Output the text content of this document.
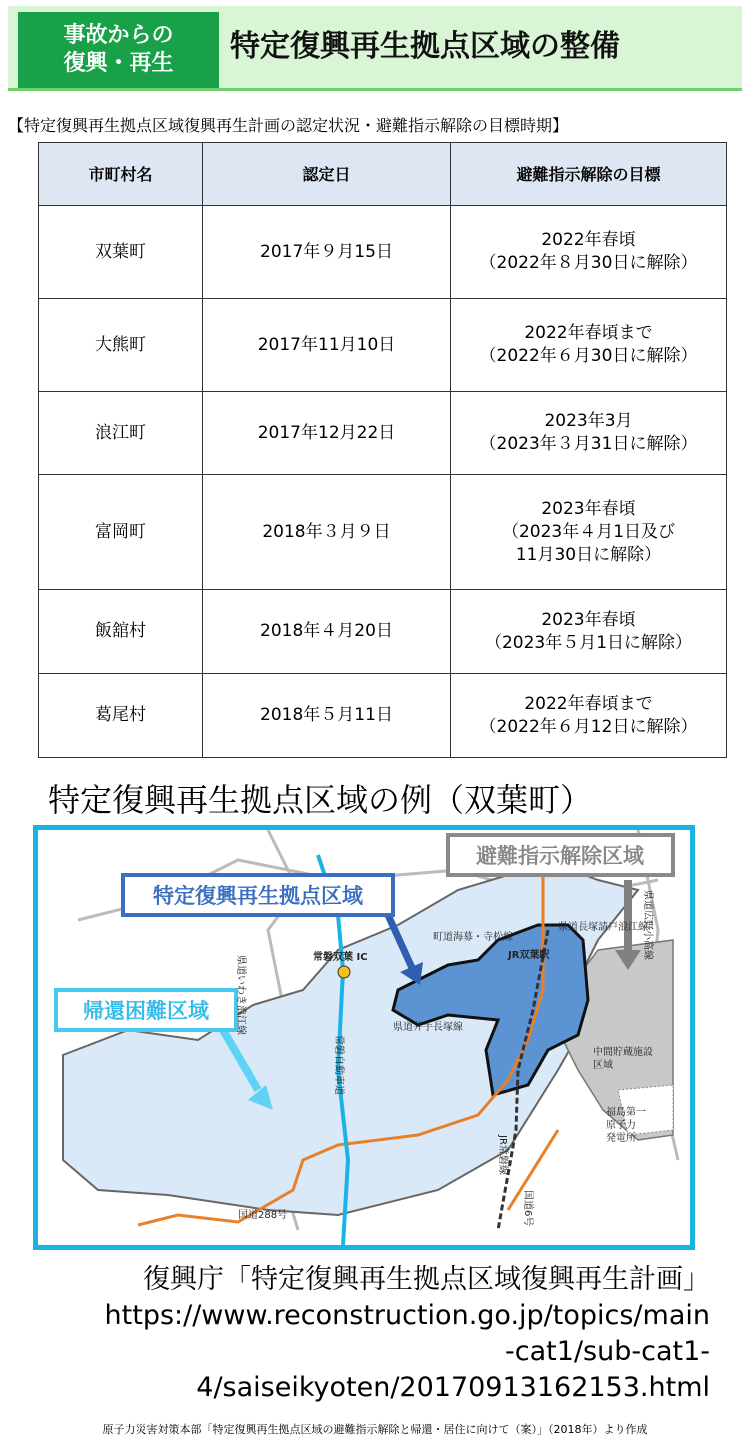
事故からの
復興・再生 特定復興再生拠点区域の整備
【特定復興再生拠点区域復興再生計画の認定状況・避難指示解除の目標時期】
市町村名	認定日	避難指示解除の目標
双葉町	2017年９月15日	2022年春頃
（2022年８月30日に解除）
大熊町	2017年11月10日	2022年春頃まで
（2022年６月30日に解除）
浪江町	2017年12月22日	2023年3月
（2023年３月31日に解除）
富岡町	2018年３月９日	2023年春頃
（2023年４月1日及び
11月30日に解除）
飯舘村	2018年４月20日	2023年春頃
（2023年５月1日に解除）
葛尾村	2018年５月11日	2022年春頃まで
（2022年６月12日に解除）
特定復興再生拠点区域の例（双葉町）
避難指示解除区域
特定復興再生拠点区域
帰還困難区域
町道海募・寺松線
県道長塚請戸浪江線
常磐双葉 IC	JR双葉駅
県道井手長塚線
国道288号
中間貯蔵施設区域
福島第一原子力発電所
県道広野小高線
県道いわき浪江線
常磐自動車道
JR常磐線
国道6号
復興庁「特定復興再生拠点区域復興再生計画」
https://www.reconstruction.go.jp/topics/main
-cat1/sub-cat1-
4/saiseikyoten/20170913162153.html
原子力災害対策本部「特定復興再生拠点区域の避難指示解除と帰還・居住に向けて（案）」（2018年）より作成
